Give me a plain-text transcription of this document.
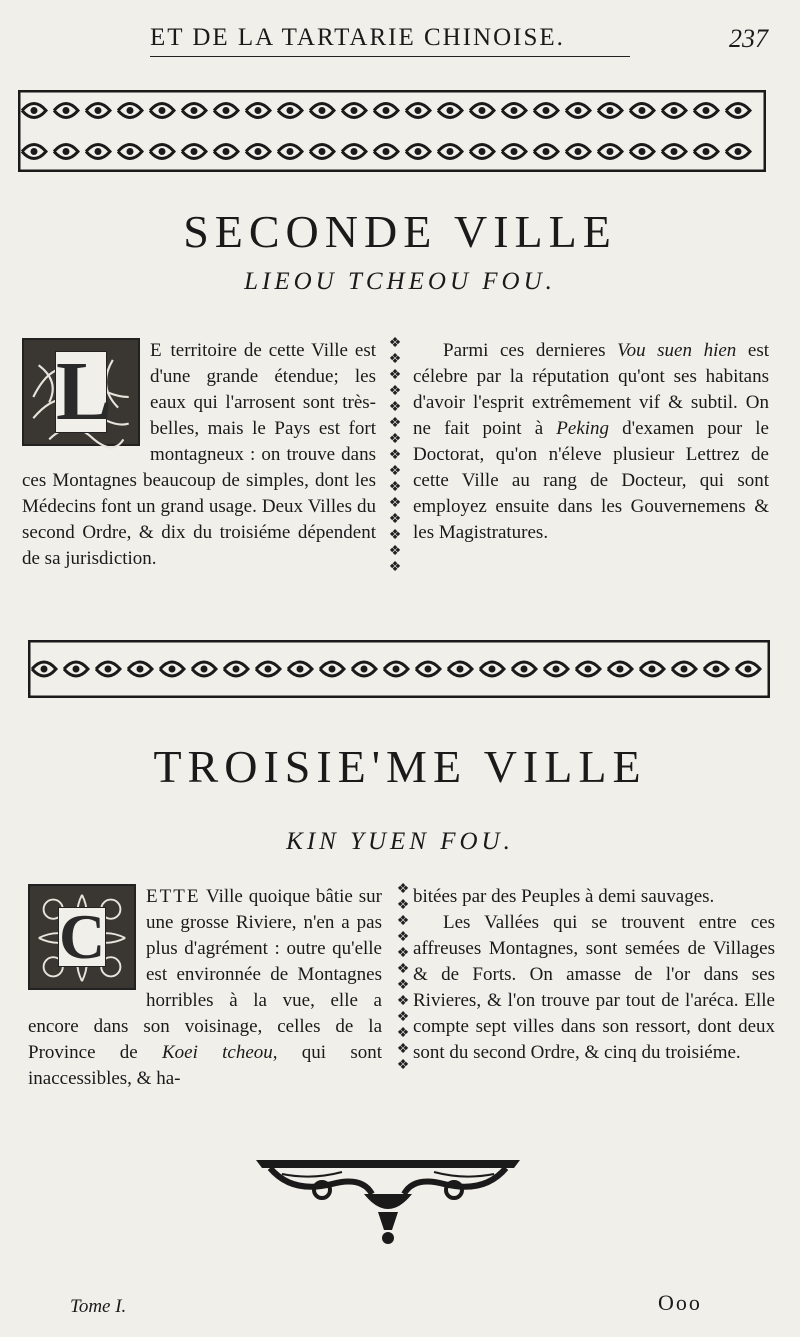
ET DE LA TARTARIE CHINOISE.	237
SECONDE VILLE
LIEOU TCHEOU FOU.

L E territoire de cette Ville est d'une grande étendue; les eaux qui l'arrosent sont très-belles, mais le Pays est fort montagneux : on trouve dans ces Montagnes beaucoup de simples, dont les Médecins font un grand usage. Deux Villes du second Ordre, & dix du troisiéme dépendent de sa jurisdiction.

❖
❖
❖
❖
❖
❖
❖
❖
❖
❖
❖
❖
❖
❖
❖

Parmi ces dernieres Vou suen hien est célebre par la réputation qu'ont ses habitans d'avoir l'esprit extrêmement vif & subtil. On ne fait point à Peking d'examen pour le Doctorat, qu'on n'éleve plusieur Lettrez de cette Ville au rang de Docteur, qui sont employez ensuite dans les Gouvernemens & les Magistratures.

TROISIE'ME VILLE
KIN YUEN FOU.

C
ETTE Ville quoique bâtie sur une grosse Riviere, n'en a pas plus d'agrément : outre qu'elle est environnée de Montagnes horribles à la vue, elle a encore dans son voisinage, celles de la Province de Koei tcheou, qui sont inaccessibles, & ha-

❖
❖
❖
❖
❖
❖
❖
❖
❖
❖
❖
❖

bitées par des Peuples à demi sauvages.

Les Vallées qui se trouvent entre ces affreuses Montagnes, sont semées de Villages & de Forts. On amasse de l'or dans ses Rivieres, & l'on trouve par tout de l'aréca. Elle compte sept villes dans son ressort, dont deux sont du second Ordre, & cinq du troisiéme.

Tome I.	Ooo
